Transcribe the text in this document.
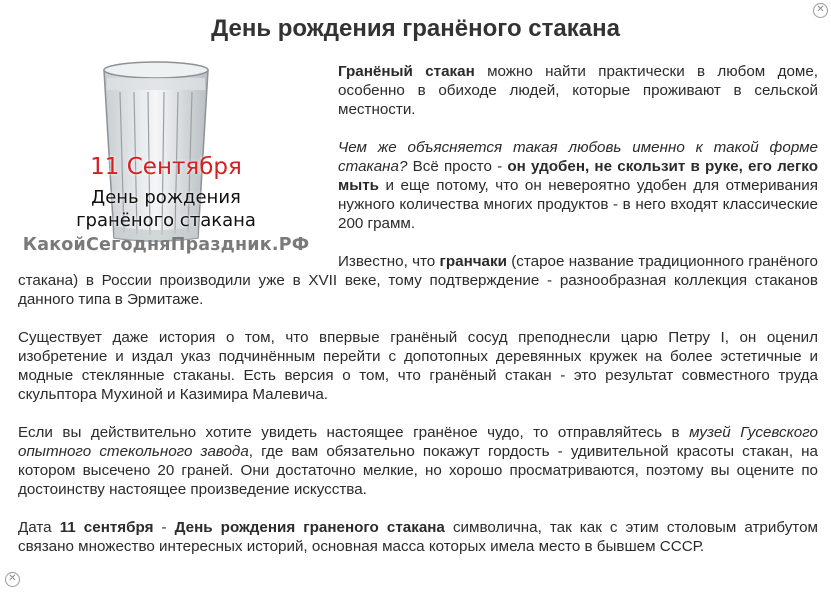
✕
День рождения гранёного стакана
11 Сентября
День рождения
гранёного стакана
КакойСегодняПраздник.РФ

Гранёный стакан можно найти практически в любом доме, особенно в обиходе людей, которые проживают в сельской местности.

Чем же объясняется такая любовь именно к такой форме стакана? Всё просто - он удобен, не скользит в руке, его легко мыть и еще потому, что он невероятно удобен для отмеривания нужного количества многих продуктов - в него входят классические 200 грамм.

Известно, что гранчаки (старое название традиционного гранёного стакана) в России производили уже в XVII веке, тому подтверждение - разнообразная коллекция стаканов данного типа в Эрмитаже.

Существует даже история о том, что впервые гранёный сосуд преподнесли царю Петру I, он оценил изобретение и издал указ подчинённым перейти с допотопных деревянных кружек на более эстетичные и модные стеклянные стаканы. Есть версия о том, что гранёный стакан - это результат совместного труда скульптора Мухиной и Казимира Малевича.

Если вы действительно хотите увидеть настоящее гранёное чудо, то отправляйтесь в музей Гусевского опытного стекольного завода, где вам обязательно покажут гордость - удивительной красоты стакан, на котором высечено 20 граней. Они достаточно мелкие, но хорошо просматриваются, поэтому вы оцените по достоинству настоящее произведение искусства.

Дата 11 сентября - День рождения граненого стакана символична, так как с этим столовым атрибутом связано множество интересных историй, основная масса которых имела место в бывшем СССР.

✕
